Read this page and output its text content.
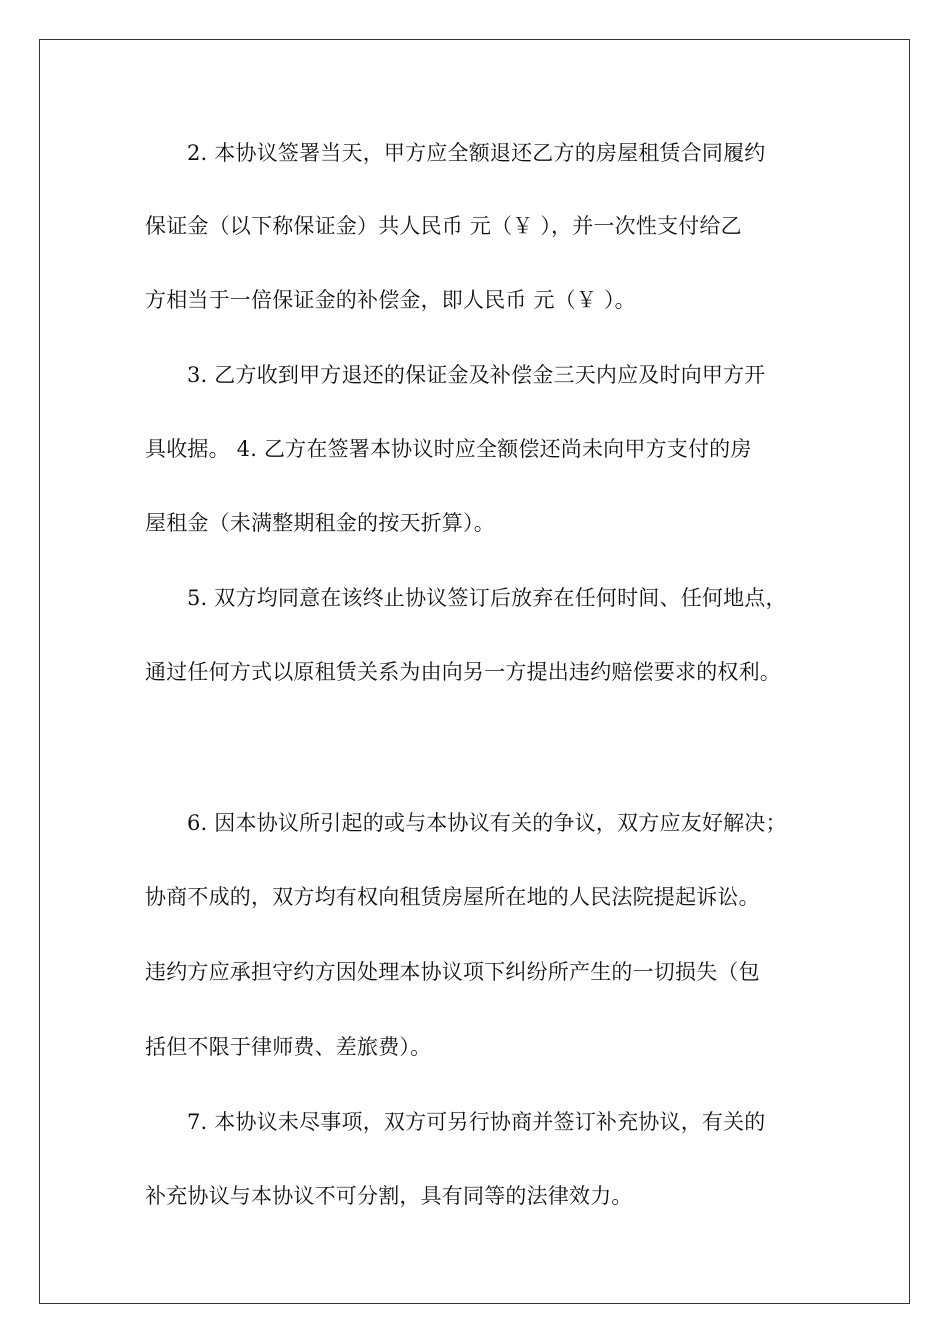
2. 本协议签署当天，甲方应全额退还乙方的房屋租赁合同履约
保证金（以下称保证金）共人民币 元（￥ ），并一次性支付给乙
方相当于一倍保证金的补偿金，即人民币 元（￥ ）。
3. 乙方收到甲方退还的保证金及补偿金三天内应及时向甲方开
具收据。 4. 乙方在签署本协议时应全额偿还尚未向甲方支付的房
屋租金（未满整期租金的按天折算）。
5. 双方均同意在该终止协议签订后放弃在任何时间、任何地点，
通过任何方式以原租赁关系为由向另一方提出违约赔偿要求的权利。
6. 因本协议所引起的或与本协议有关的争议，双方应友好解决；
协商不成的，双方均有权向租赁房屋所在地的人民法院提起诉讼。
违约方应承担守约方因处理本协议项下纠纷所产生的一切损失（包
括但不限于律师费、差旅费）。
7. 本协议未尽事项，双方可另行协商并签订补充协议，有关的
补充协议与本协议不可分割，具有同等的法律效力。
